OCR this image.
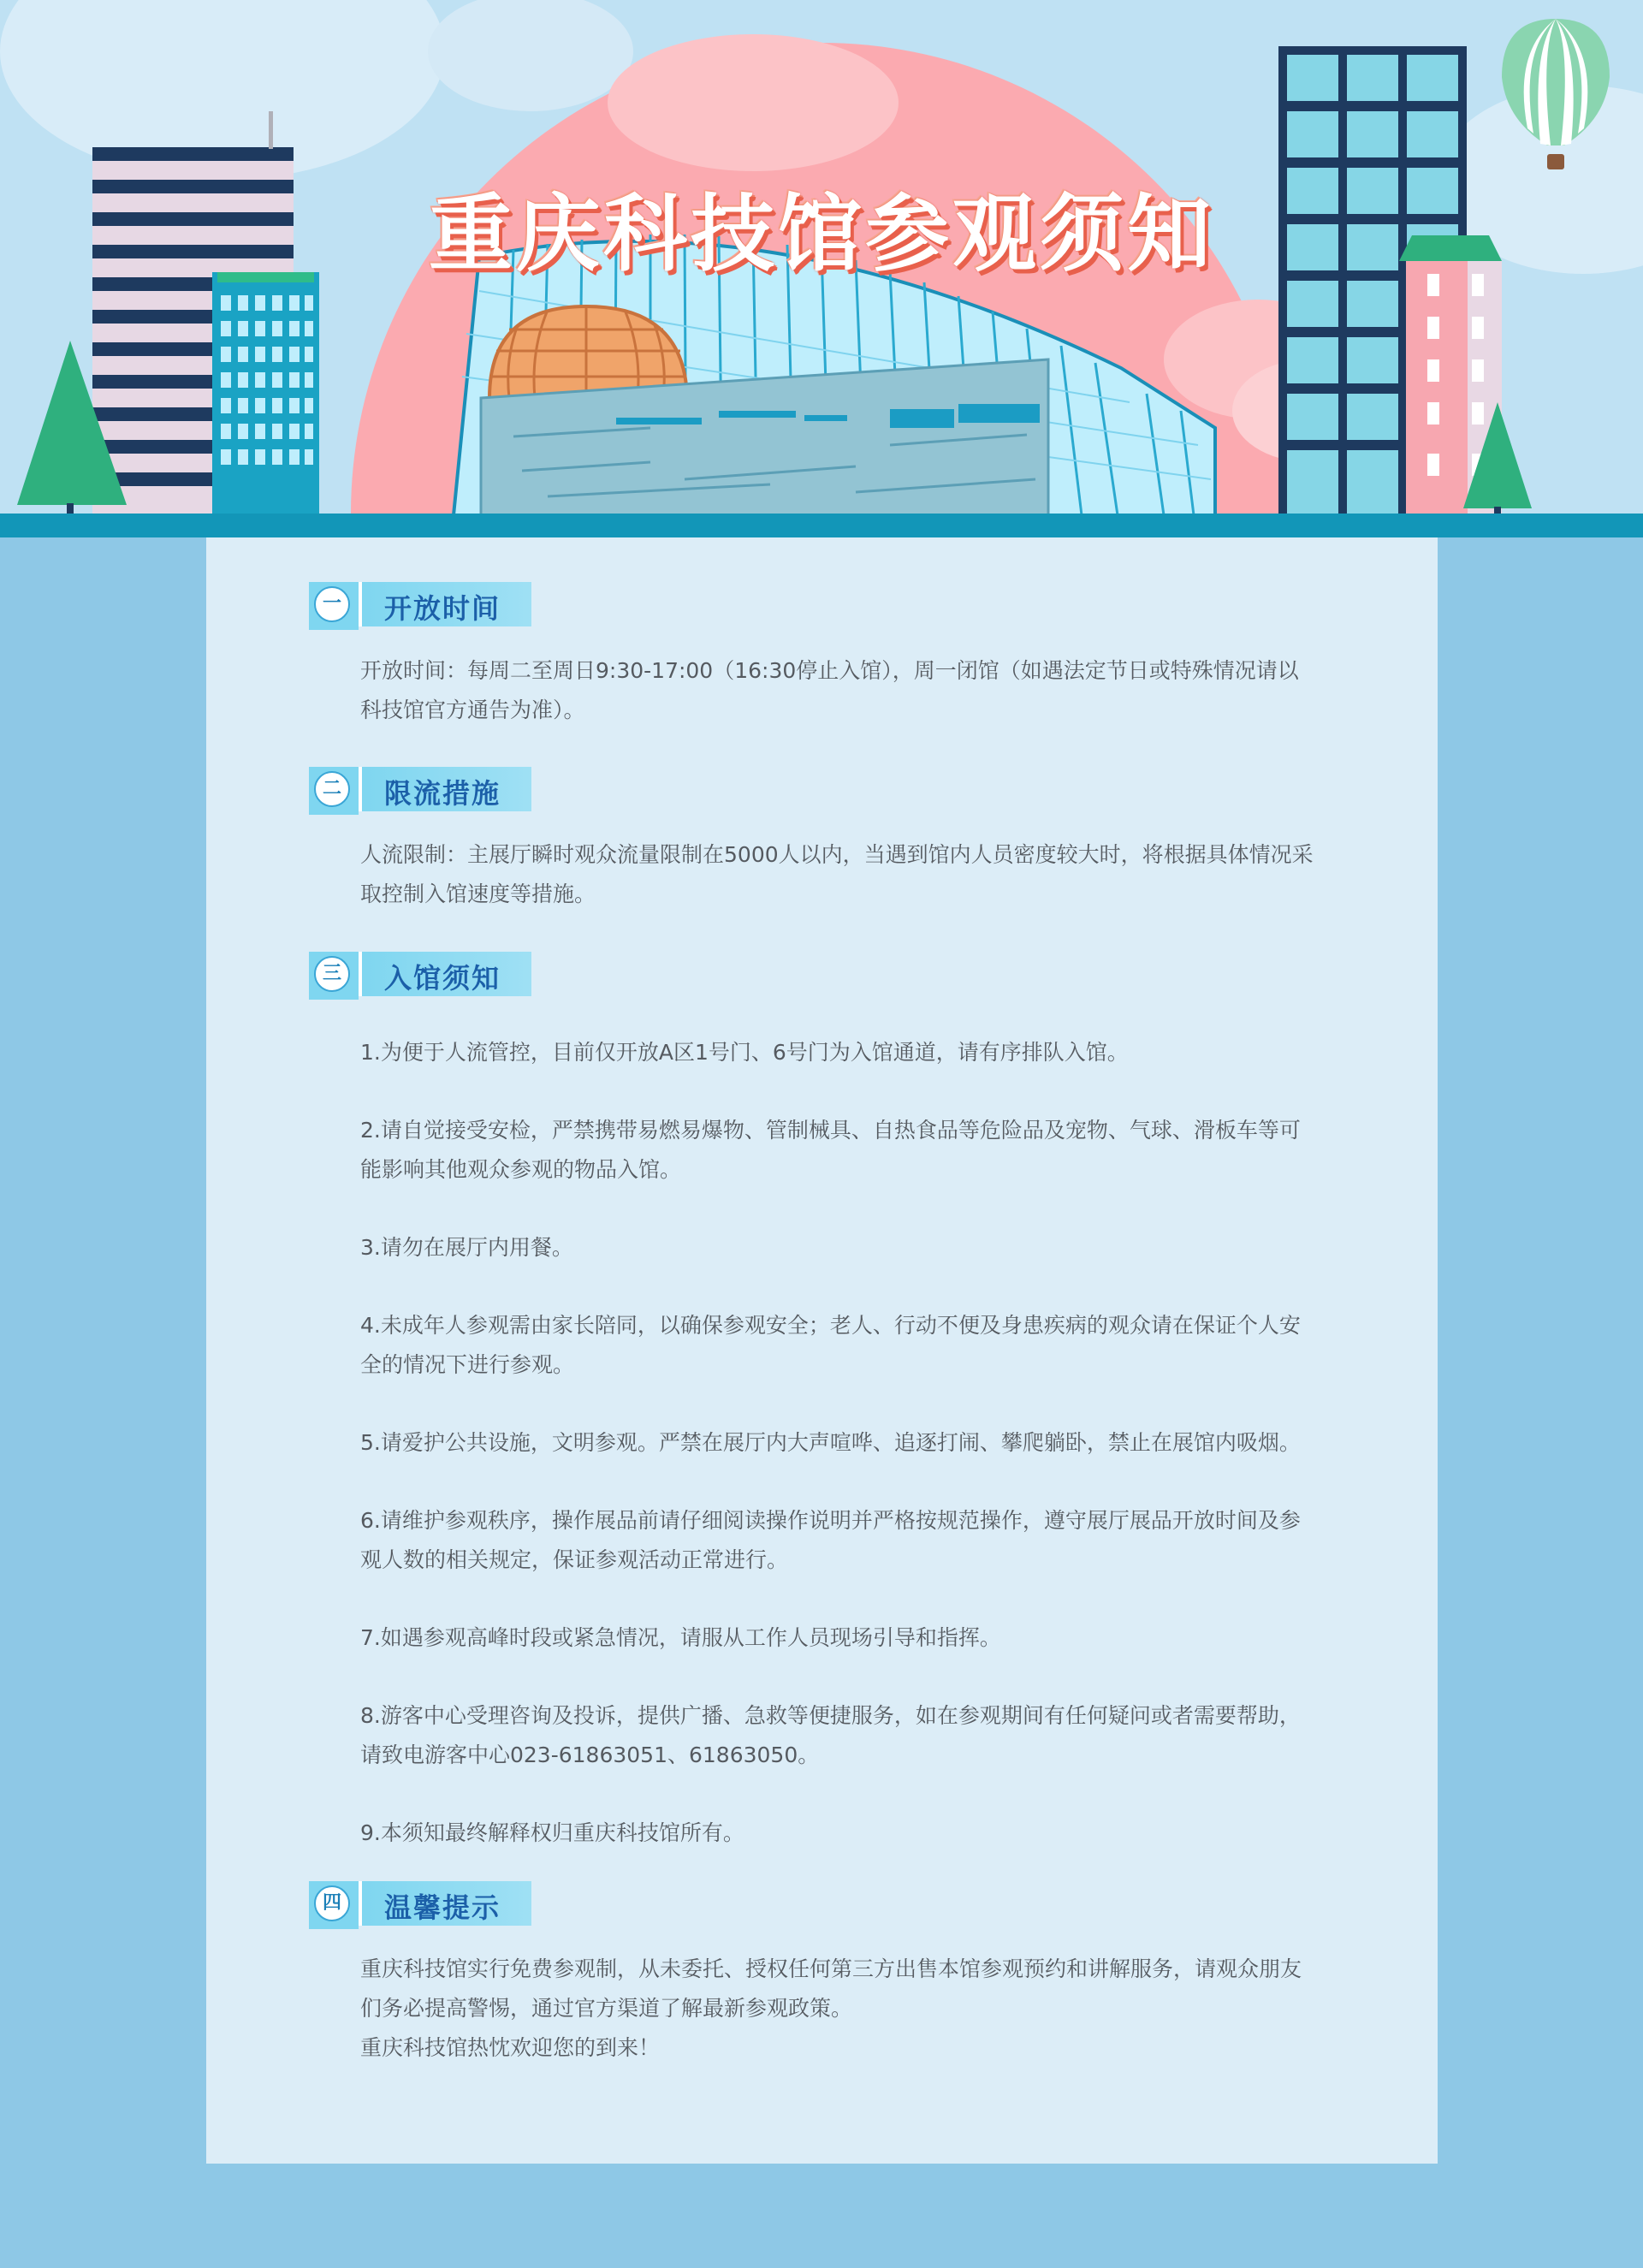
重庆科技馆参观须知
一	开放时间
开放时间：每周二至周日9:30-17:00（16:30停止入馆），周一闭馆（如遇法定节日或特殊情况请以科技馆官方通告为准）。
二	限流措施
人流限制：主展厅瞬时观众流量限制在5000人以内，当遇到馆内人员密度较大时，将根据具体情况采取控制入馆速度等措施。
三	入馆须知
1.为便于人流管控，目前仅开放A区1号门、6号门为入馆通道，请有序排队入馆。
2.请自觉接受安检，严禁携带易燃易爆物、管制械具、自热食品等危险品及宠物、气球、滑板车等可能影响其他观众参观的物品入馆。
3.请勿在展厅内用餐。
4.未成年人参观需由家长陪同，以确保参观安全；老人、行动不便及身患疾病的观众请在保证个人安全的情况下进行参观。
5.请爱护公共设施，文明参观。严禁在展厅内大声喧哗、追逐打闹、攀爬躺卧，禁止在展馆内吸烟。
6.请维护参观秩序，操作展品前请仔细阅读操作说明并严格按规范操作，遵守展厅展品开放时间及参观人数的相关规定，保证参观活动正常进行。
7.如遇参观高峰时段或紧急情况，请服从工作人员现场引导和指挥。
8.游客中心受理咨询及投诉，提供广播、急救等便捷服务，如在参观期间有任何疑问或者需要帮助，请致电游客中心023-61863051、61863050。
9.本须知最终解释权归重庆科技馆所有。
四	温馨提示
重庆科技馆实行免费参观制，从未委托、授权任何第三方出售本馆参观预约和讲解服务，请观众朋友们务必提高警惕，通过官方渠道了解最新参观政策。
重庆科技馆热忱欢迎您的到来！
